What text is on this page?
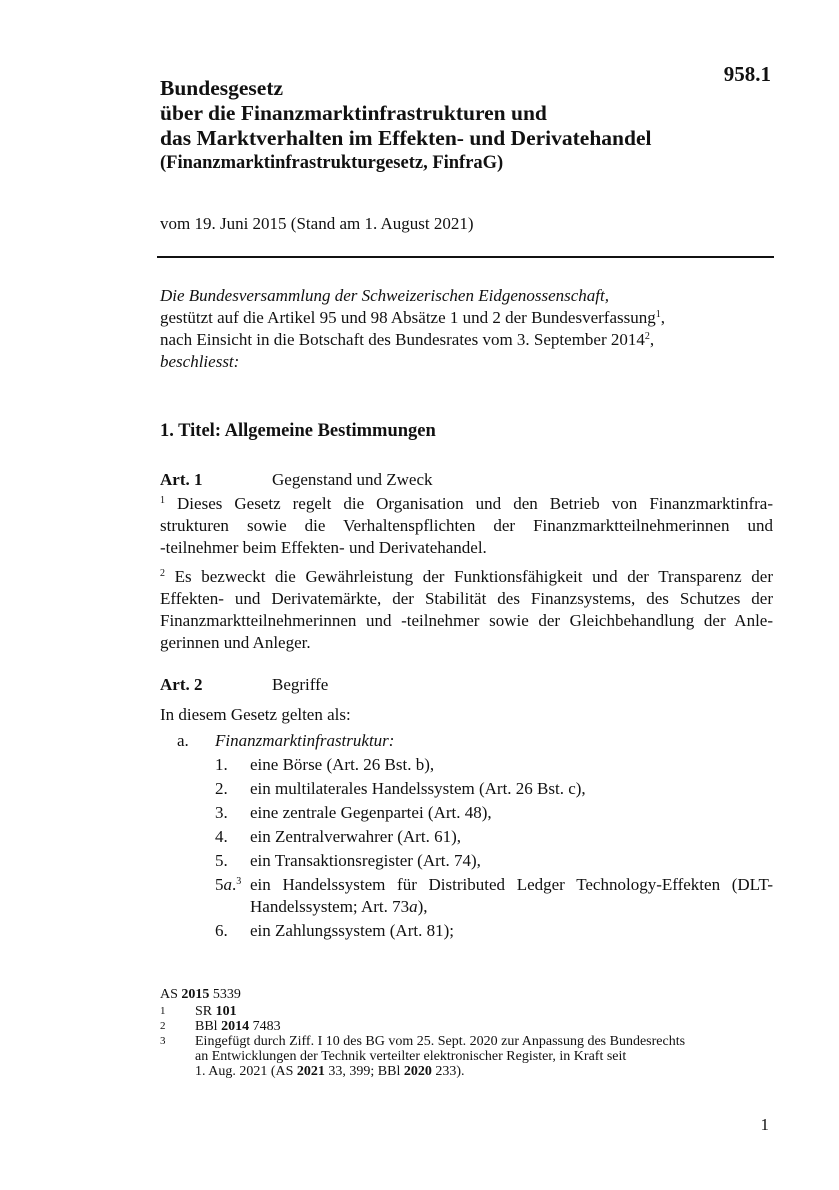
958.1
Bundesgesetz
über die Finanzmarktinfrastrukturen und
das Marktverhalten im Effekten- und Derivatehandel
(Finanzmarktinfrastrukturgesetz, FinfraG)
vom 19. Juni 2015 (Stand am 1. August 2021)
Die Bundesversammlung der Schweizerischen Eidgenossenschaft,
gestützt auf die Artikel 95 und 98 Absätze 1 und 2 der Bundesverfassung$^1$,
nach Einsicht in die Botschaft des Bundesrates vom 3. September 2014$^2$,
beschliesst:
1. Titel: Allgemeine Bestimmungen
Art. 1	Gegenstand und Zweck
$^1$ Dieses Gesetz regelt die Organisation und den Betrieb von Finanzmarktinfra-
strukturen sowie die Verhaltenspflichten der Finanzmarktteilnehmerinnen und
-teilnehmer beim Effekten- und Derivatehandel.
$^2$ Es bezweckt die Gewährleistung der Funktionsfähigkeit und der Transparenz der
Effekten- und Derivatemärkte, der Stabilität des Finanzsystems, des Schutzes der
Finanzmarktteilnehmerinnen und -teilnehmer sowie der Gleichbehandlung der Anle-
gerinnen und Anleger.
Art. 2	Begriffe
In diesem Gesetz gelten als:
a. Finanzmarktinfrastruktur:
1. eine Börse (Art. 26 Bst. b),
2. ein multilaterales Handelssystem (Art. 26 Bst. c),
3. eine zentrale Gegenpartei (Art. 48),
4. ein Zentralverwahrer (Art. 61),
5. ein Transaktionsregister (Art. 74),
5a.$^3$ ein Handelssystem für Distributed Ledger Technology-Effekten (DLT-
Handelssystem; Art. 73a),
6. ein Zahlungssystem (Art. 81);
AS 2015 5339
1 SR 101
2 BBl 2014 7483
3 Eingefügt durch Ziff. I 10 des BG vom 25. Sept. 2020 zur Anpassung des Bundesrechts
an Entwicklungen der Technik verteilter elektronischer Register, in Kraft seit
1. Aug. 2021 (AS 2021 33, 399; BBl 2020 233).
1
